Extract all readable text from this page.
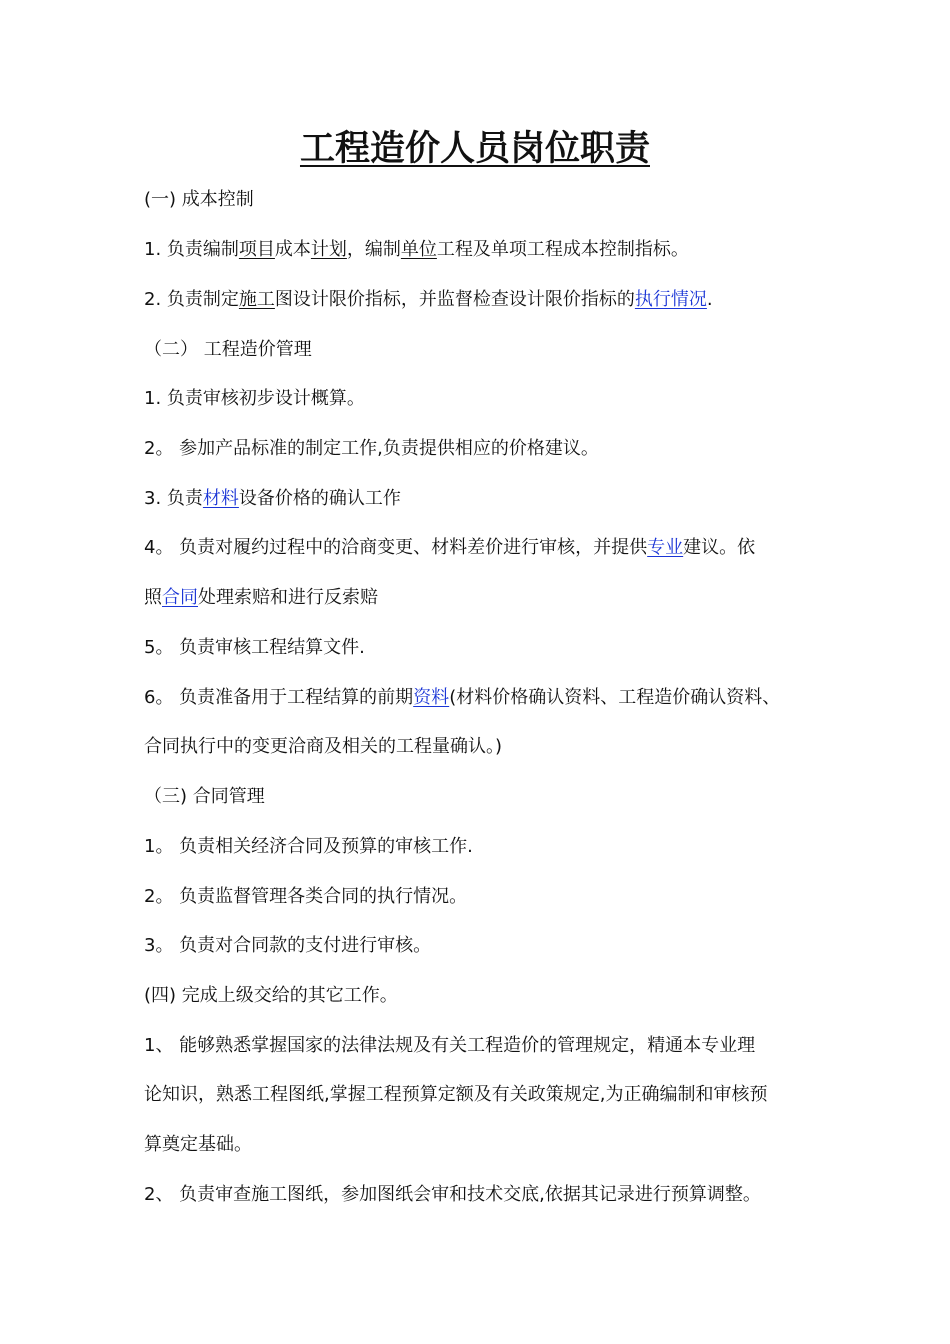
工程造价人员岗位职责

(一) 成本控制

1. 负责编制项目成本计划，编制单位工程及单项工程成本控制指标。

2. 负责制定施工图设计限价指标，并监督检查设计限价指标的执行情况.

（二） 工程造价管理

1. 负责审核初步设计概算。

2。 参加产品标准的制定工作,负责提供相应的价格建议。

3. 负责材料设备价格的确认工作

4。 负责对履约过程中的洽商变更、材料差价进行审核，并提供专业建议。依

照合同处理索赔和进行反索赔

5。 负责审核工程结算文件.

6。 负责准备用于工程结算的前期资料(材料价格确认资料、工程造价确认资料、

合同执行中的变更洽商及相关的工程量确认。)

（三) 合同管理

1。 负责相关经济合同及预算的审核工作.

2。 负责监督管理各类合同的执行情况。

3。 负责对合同款的支付进行审核。

(四) 完成上级交给的其它工作。

1、 能够熟悉掌握国家的法律法规及有关工程造价的管理规定，精通本专业理

论知识，熟悉工程图纸,掌握工程预算定额及有关政策规定,为正确编制和审核预

算奠定基础。

2、 负责审查施工图纸，参加图纸会审和技术交底,依据其记录进行预算调整。
